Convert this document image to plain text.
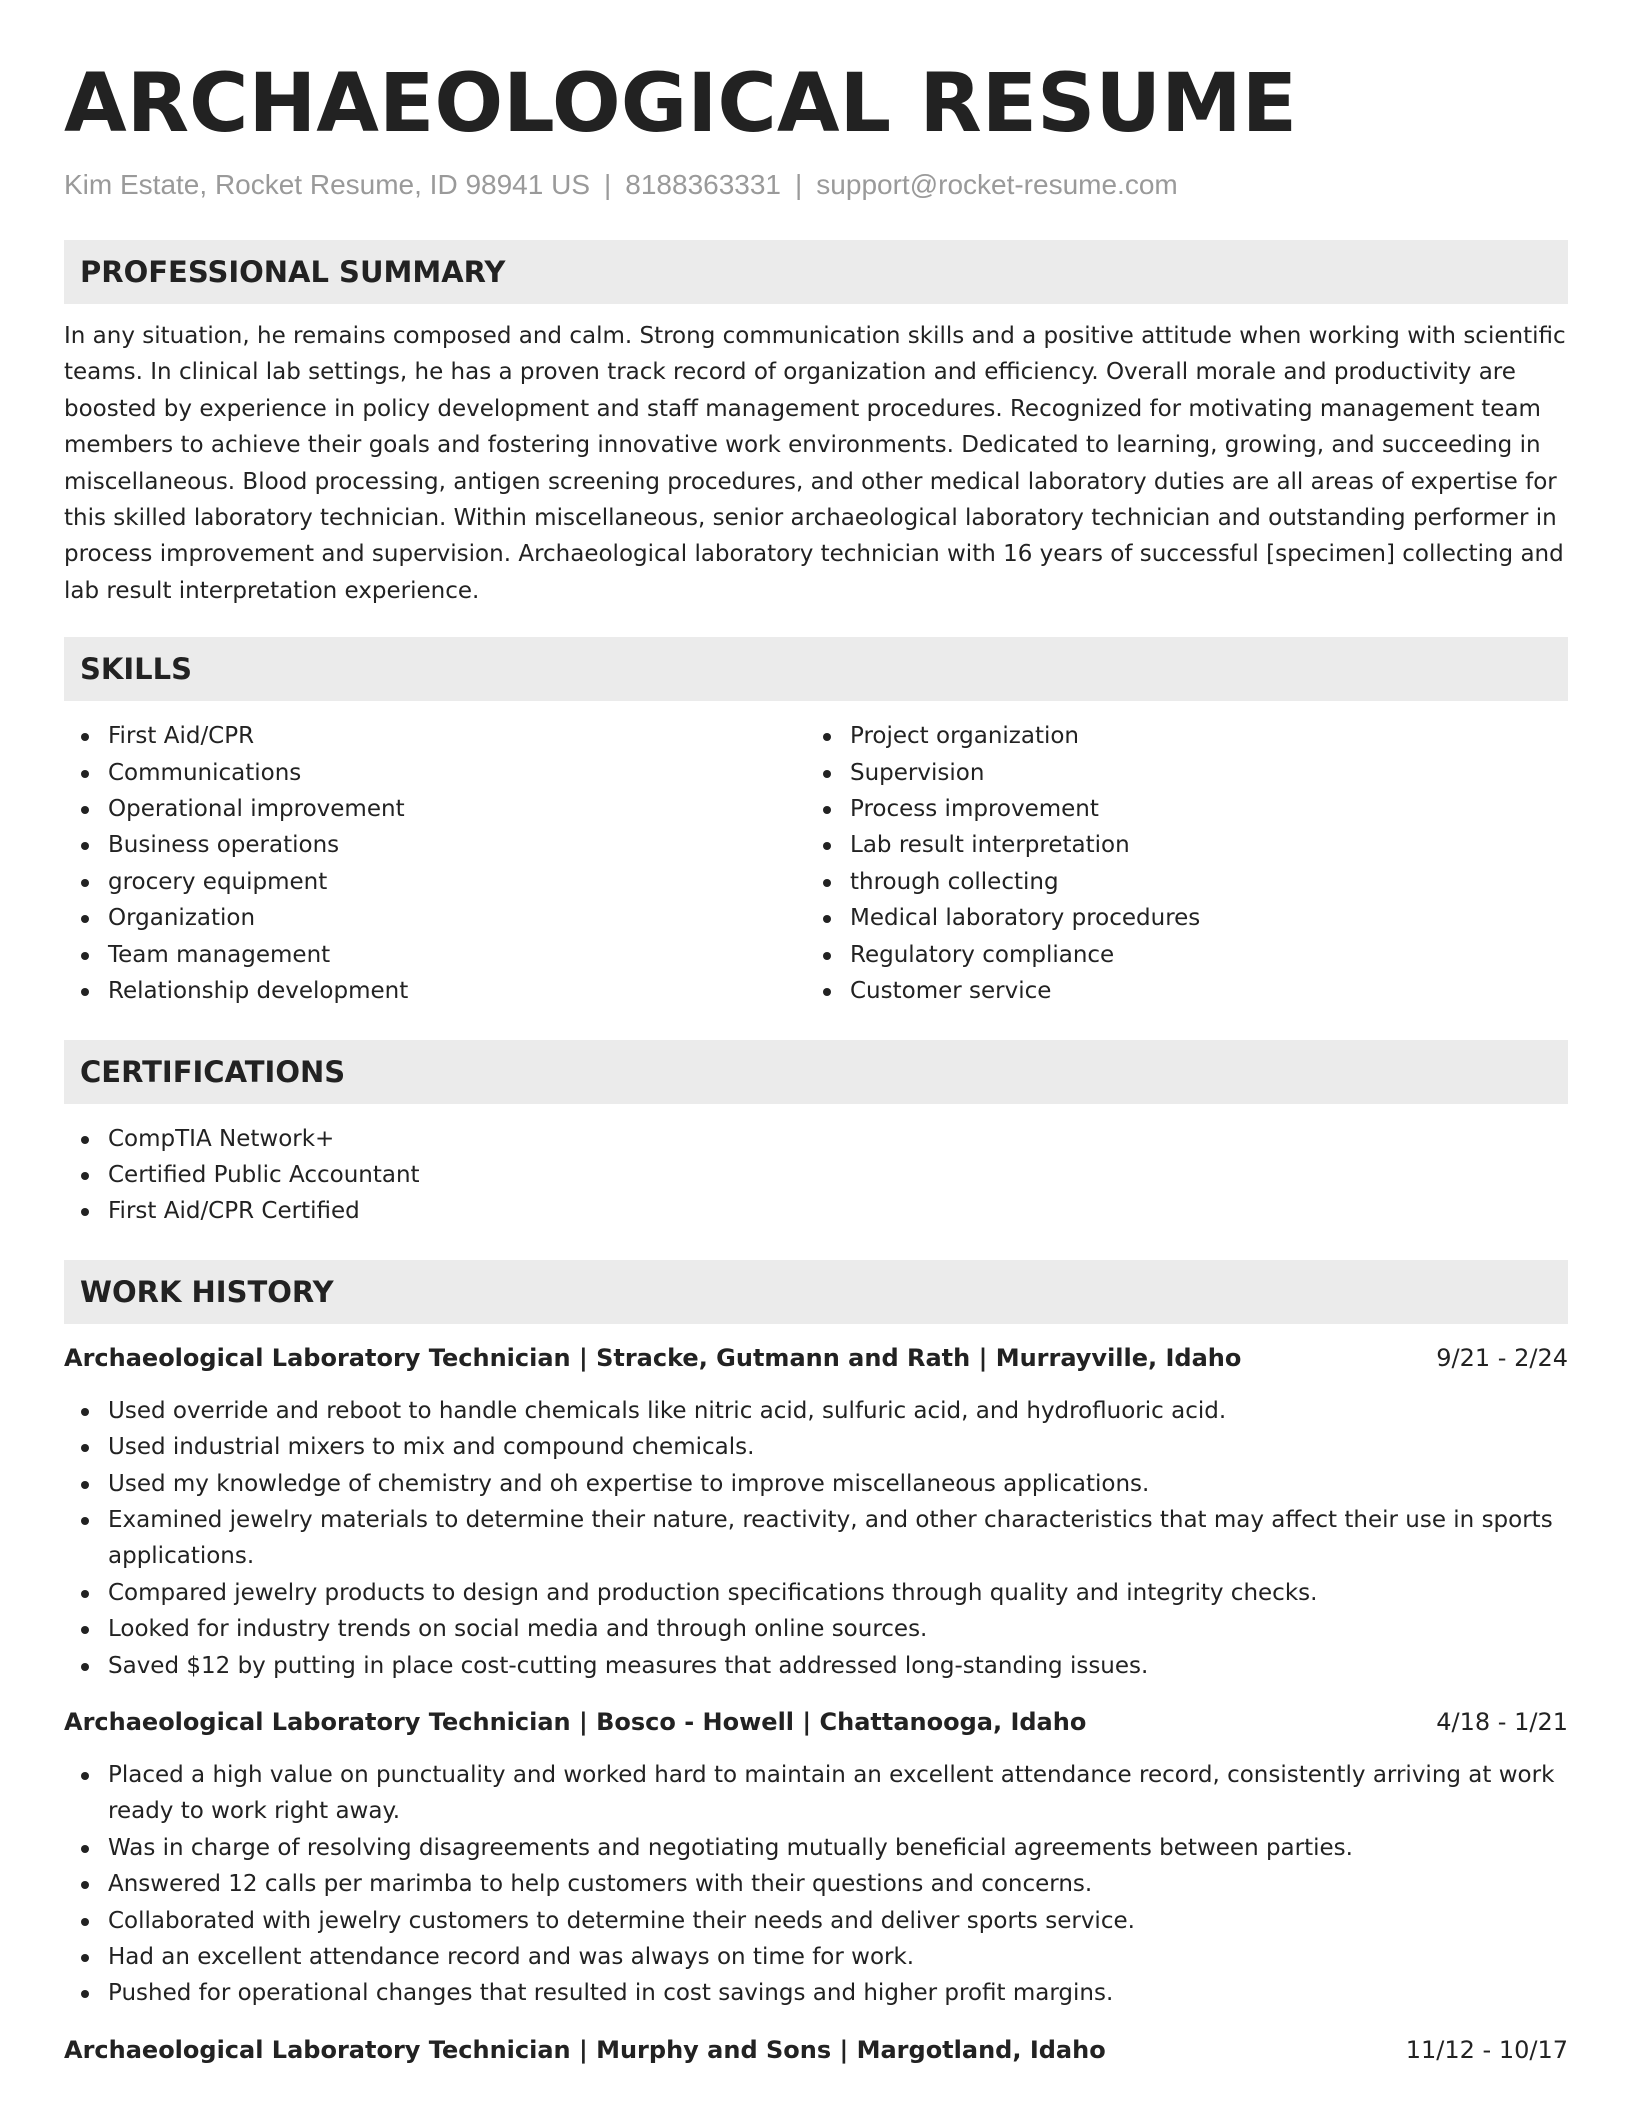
ARCHAEOLOGICAL RESUME
Kim Estate, Rocket Resume, ID 98941 US | 8188363331 | support@rocket-resume.com
PROFESSIONAL SUMMARY

In any situation, he remains composed and calm. Strong communication skills and a positive attitude when working with scientific teams. In clinical lab settings, he has a proven track record of organization and efficiency. Overall morale and productivity are boosted by experience in policy development and staff management procedures. Recognized for motivating management team members to achieve their goals and fostering innovative work environments. Dedicated to learning, growing, and succeeding in miscellaneous. Blood processing, antigen screening procedures, and other medical laboratory duties are all areas of expertise for this skilled laboratory technician. Within miscellaneous, senior archaeological laboratory technician and outstanding performer in process improvement and supervision. Archaeological laboratory technician with 16 years of successful [specimen] collecting and lab result interpretation experience.

SKILLS
First Aid/CPR
Communications
Operational improvement
Business operations
grocery equipment
Organization
Team management
Relationship development
Project organization
Supervision
Process improvement
Lab result interpretation
through collecting
Medical laboratory procedures
Regulatory compliance
Customer service
CERTIFICATIONS
CompTIA Network+
Certified Public Accountant
First Aid/CPR Certified
WORK HISTORY
Archaeological Laboratory Technician | Stracke, Gutmann and Rath | Murrayville, Idaho	9/21 - 2/24
Used override and reboot to handle chemicals like nitric acid, sulfuric acid, and hydrofluoric acid.
Used industrial mixers to mix and compound chemicals.
Used my knowledge of chemistry and oh expertise to improve miscellaneous applications.
Examined jewelry materials to determine their nature, reactivity, and other characteristics that may affect their use in sports applications.
Compared jewelry products to design and production specifications through quality and integrity checks.
Looked for industry trends on social media and through online sources.
Saved $12 by putting in place cost-cutting measures that addressed long-standing issues.
Archaeological Laboratory Technician | Bosco - Howell | Chattanooga, Idaho	4/18 - 1/21
Placed a high value on punctuality and worked hard to maintain an excellent attendance record, consistently arriving at work ready to work right away.
Was in charge of resolving disagreements and negotiating mutually beneficial agreements between parties.
Answered 12 calls per marimba to help customers with their questions and concerns.
Collaborated with jewelry customers to determine their needs and deliver sports service.
Had an excellent attendance record and was always on time for work.
Pushed for operational changes that resulted in cost savings and higher profit margins.
Archaeological Laboratory Technician | Murphy and Sons | Margotland, Idaho	11/12 - 10/17
